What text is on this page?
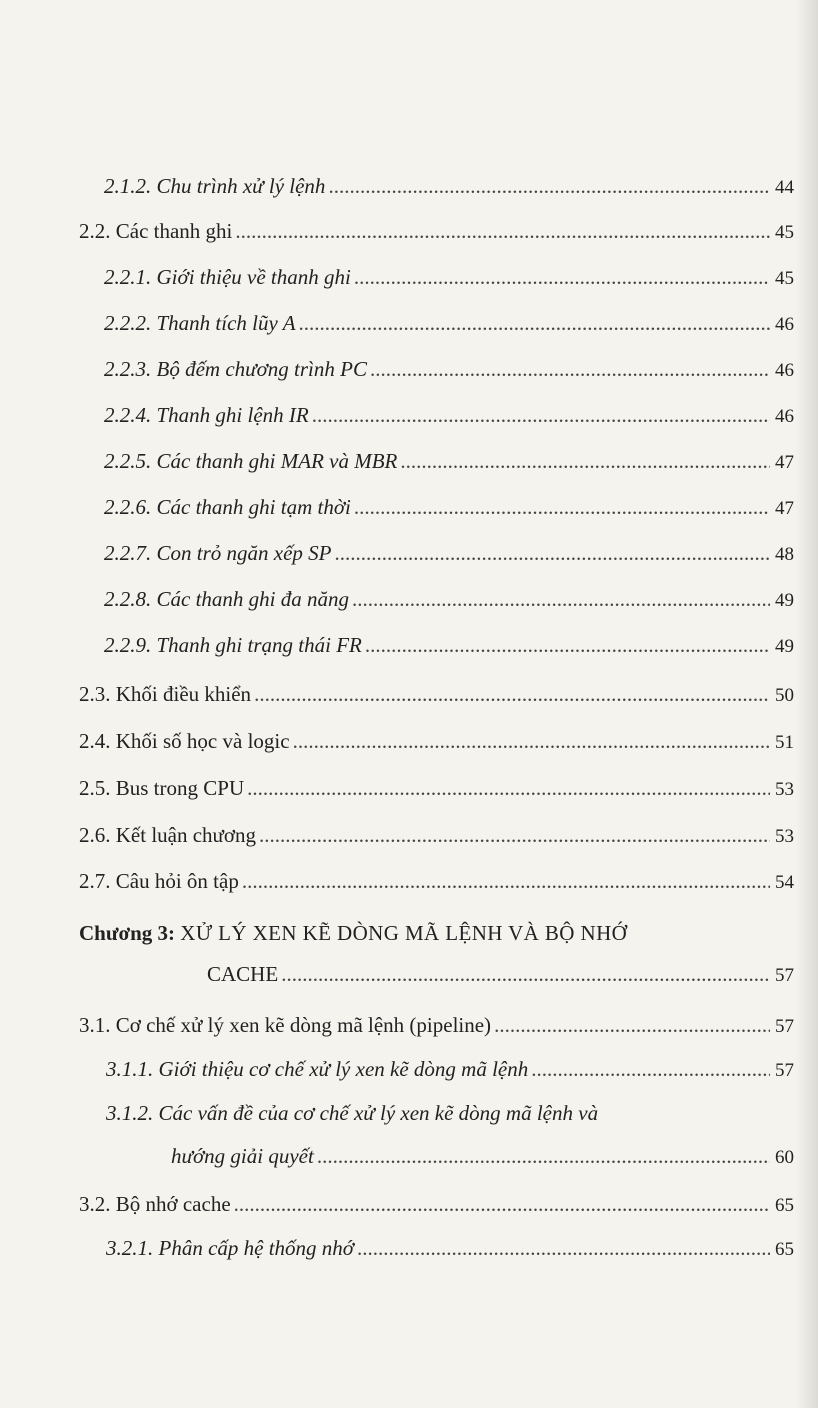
2.1.2. Chu trình xử lý lệnh .....	44
2.2. Các thanh ghi .....	45
2.2.1. Giới thiệu về thanh ghi .....	45
2.2.2. Thanh tích lũy A .....	46
2.2.3. Bộ đếm chương trình PC .....	46
2.2.4. Thanh ghi lệnh IR .....	46
2.2.5. Các thanh ghi MAR và MBR .....	47
2.2.6. Các thanh ghi tạm thời .....	47
2.2.7. Con trỏ ngăn xếp SP .....	48
2.2.8. Các thanh ghi đa năng .....	49
2.2.9. Thanh ghi trạng thái FR .....	49
2.3. Khối điều khiển .....	50
2.4. Khối số học và logic .....	51
2.5. Bus trong CPU .....	53
2.6. Kết luận chương .....	53
2.7. Câu hỏi ôn tập .....	54
Chương 3: XỬ LÝ XEN KẼ DÒNG MÃ LỆNH VÀ BỘ NHỚ
CACHE .....	57
3.1. Cơ chế xử lý xen kẽ dòng mã lệnh (pipeline) .....	57
3.1.1. Giới thiệu cơ chế xử lý xen kẽ dòng mã lệnh .....	57
3.1.2. Các vấn đề của cơ chế xử lý xen kẽ dòng mã lệnh và
hướng giải quyết .....	60
3.2. Bộ nhớ cache .....	65
3.2.1. Phân cấp hệ thống nhớ .....	65
